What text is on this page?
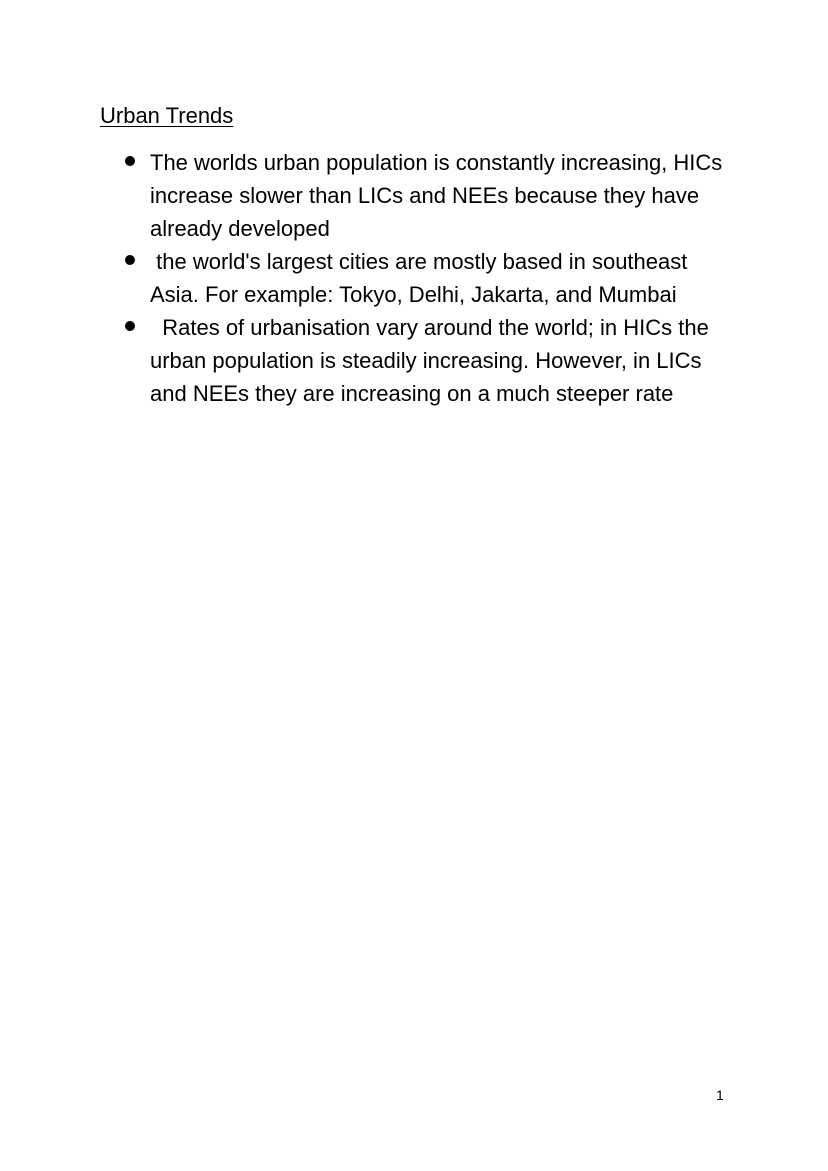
Urban Trends
The worlds urban population is constantly increasing, HICs increase slower than LICs and NEEs because they have already developed
the world's largest cities are mostly based in southeast Asia. For example: Tokyo, Delhi, Jakarta, and Mumbai
Rates of urbanisation vary around the world; in HICs the urban population is steadily increasing. However, in LICs and NEEs they are increasing on a much steeper rate
1
